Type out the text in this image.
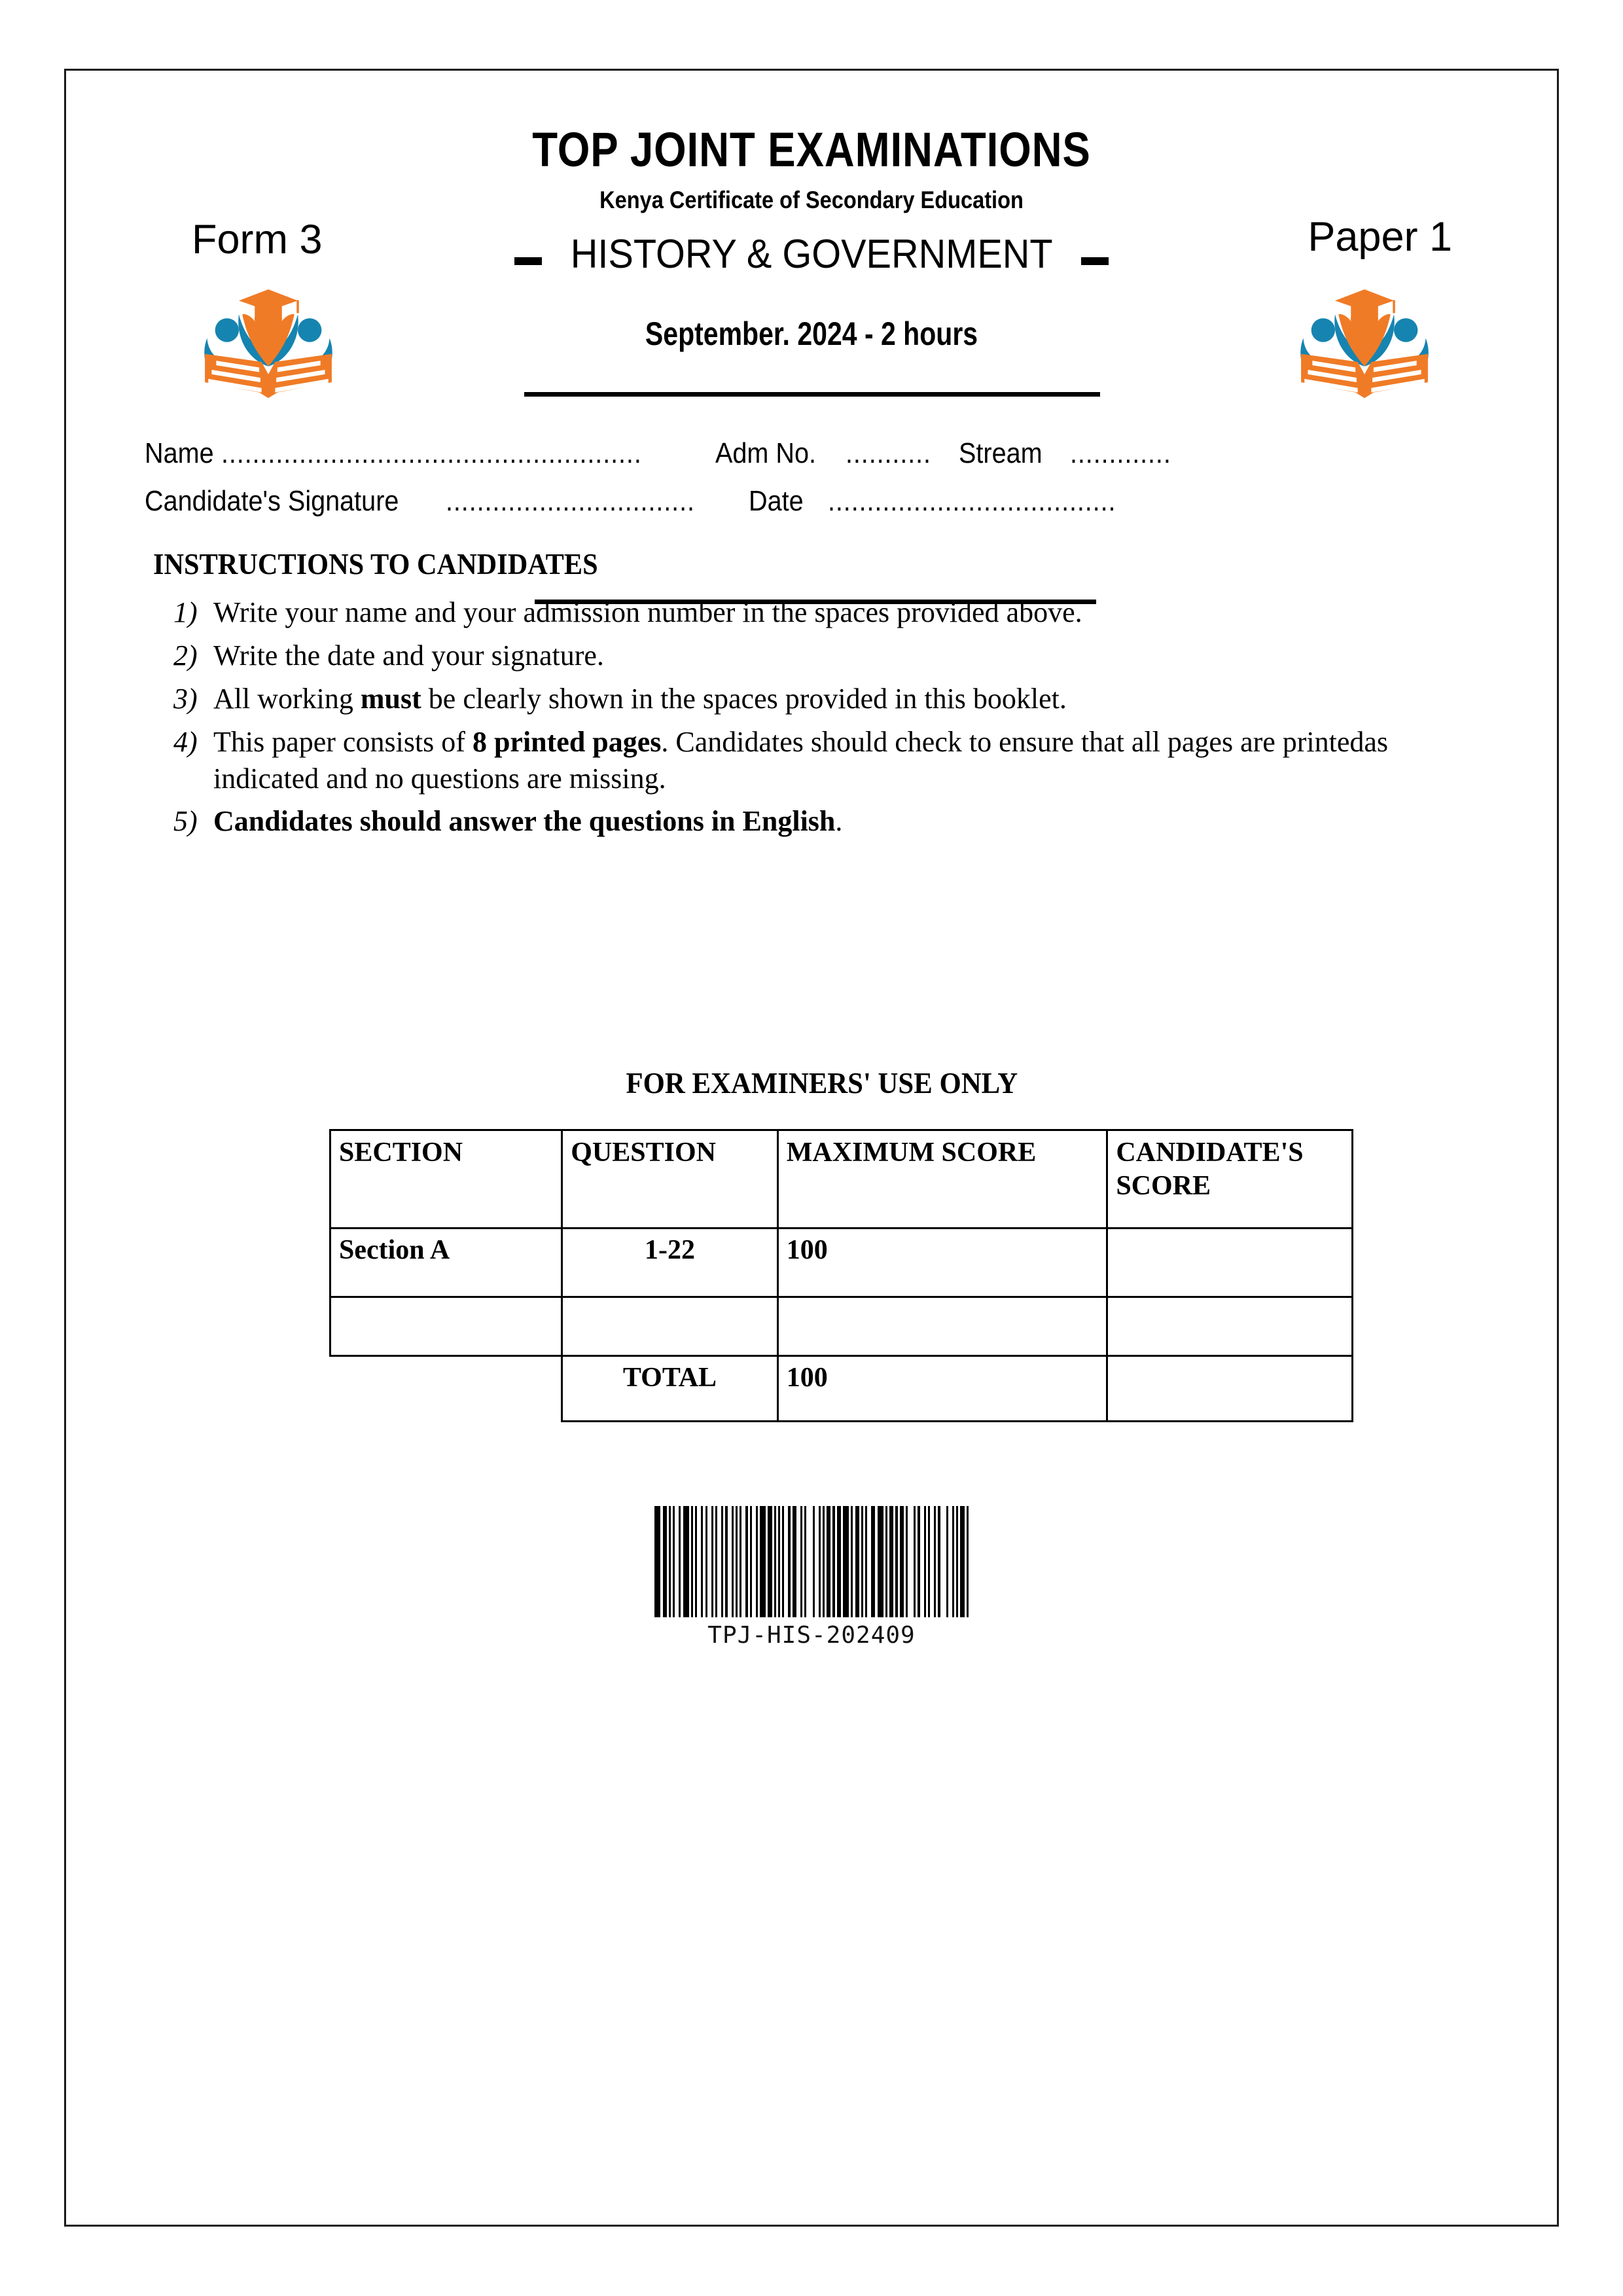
TOP JOINT EXAMINATIONS
Kenya Certificate of Secondary Education
Form 3	Paper 1
HISTORY & GOVERNMENT
September. 2024 - 2 hours
Name ......................................................	Adm No. ........... Stream .............
Candidate's Signature ................................ Date .....................................
INSTRUCTIONS TO CANDIDATES
1) Write your name and your admission number in the spaces provided above.
2) Write the date and your signature.
3) All working must be clearly shown in the spaces provided in this booklet.
4) This paper consists of 8 printed pages. Candidates should check to ensure that all pages are printedas indicated and no questions are missing.
5) Candidates should answer the questions in English.
FOR EXAMINERS' USE ONLY
SECTION	QUESTION	MAXIMUM SCORE	CANDIDATE'S SCORE
Section A	1-22	100	

	TOTAL	100	
TPJ-HIS-202409
